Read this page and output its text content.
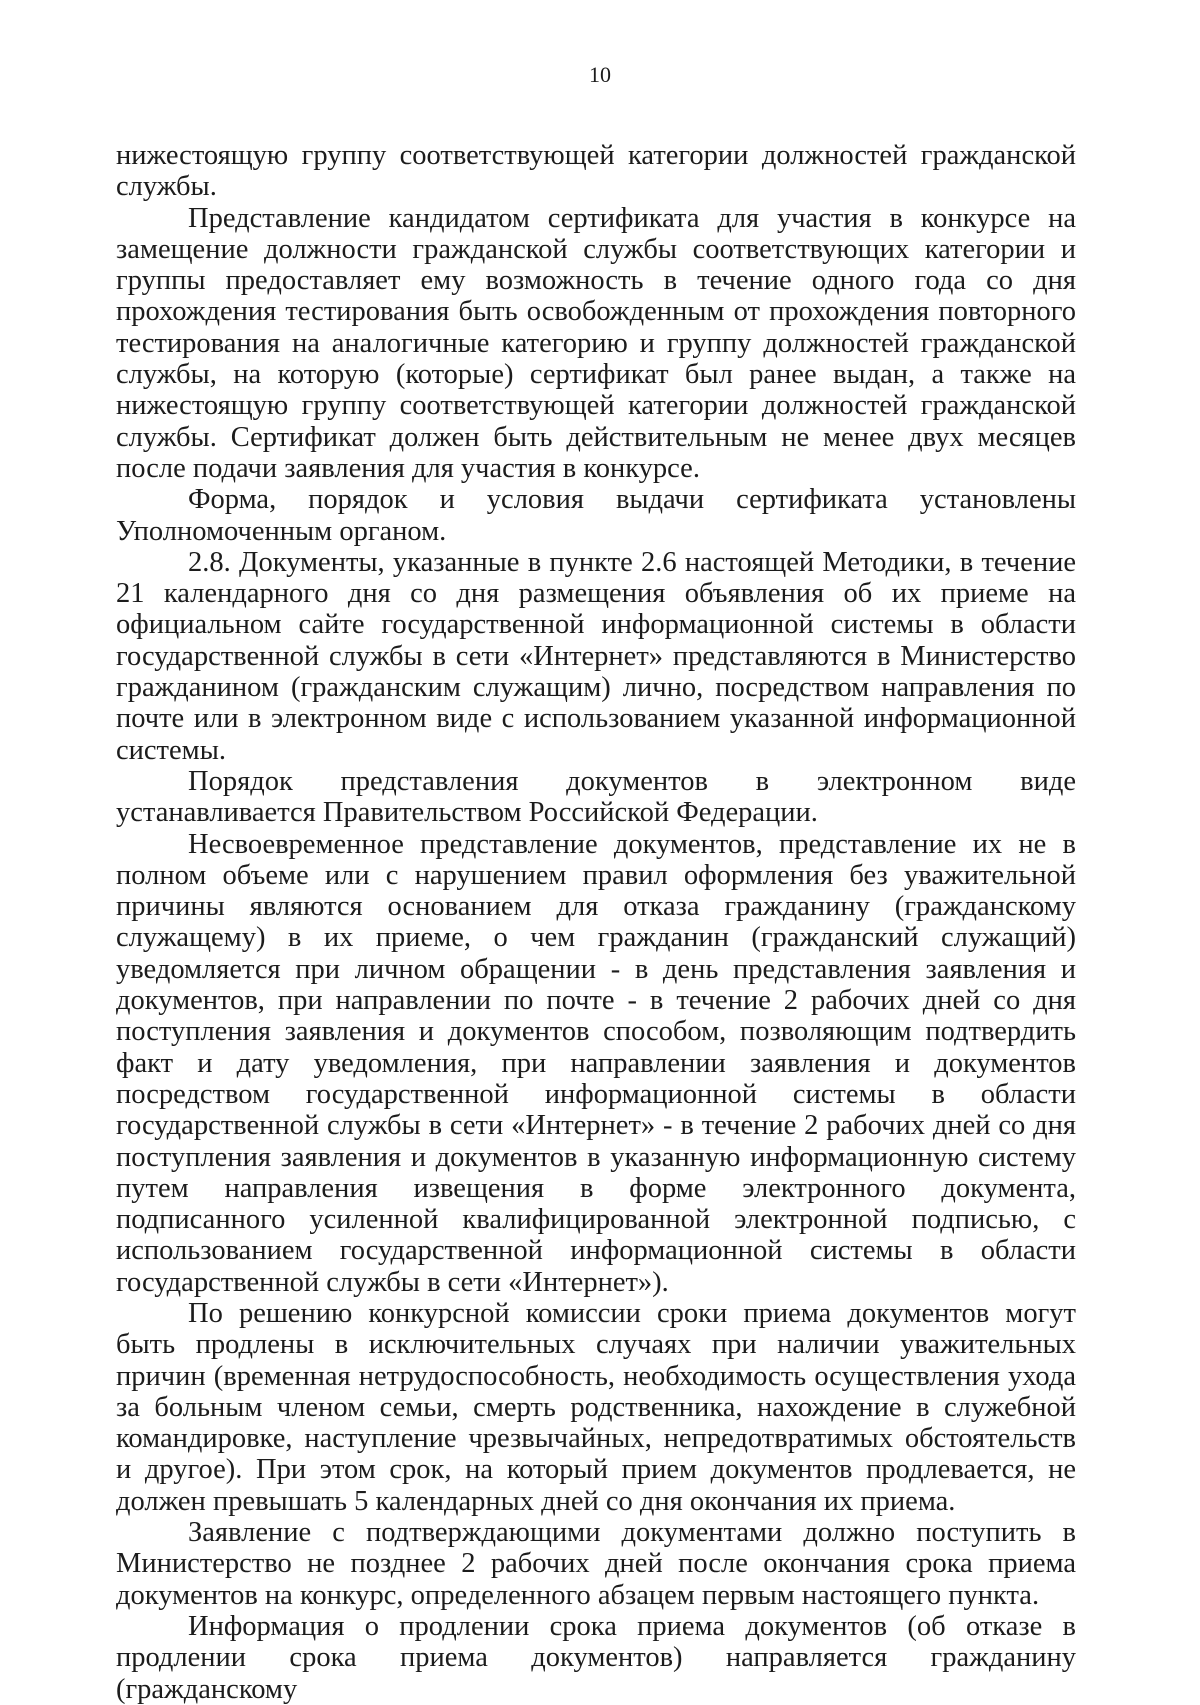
10

нижестоящую группу соответствующей категории должностей гражданской службы.

Представление кандидатом сертификата для участия в конкурсе на замещение должности гражданской службы соответствующих категории и группы предоставляет ему возможность в течение одного года со дня прохождения тестирования быть освобожденным от прохождения повторного тестирования на аналогичные категорию и группу должностей гражданской службы, на которую (которые) сертификат был ранее выдан, а также на нижестоящую группу соответствующей категории должностей гражданской службы. Сертификат должен быть действительным не менее двух месяцев после подачи заявления для участия в конкурсе.

Форма, порядок и условия выдачи сертификата установлены Уполномоченным органом.

2.8. Документы, указанные в пункте 2.6 настоящей Методики, в течение 21 календарного дня со дня размещения объявления об их приеме на официальном сайте государственной информационной системы в области государственной службы в сети «Интернет» представляются в Министерство гражданином (гражданским служащим) лично, посредством направления по почте или в электронном виде с использованием указанной информационной системы.

Порядок представления документов в электронном виде устанавливается Правительством Российской Федерации.

Несвоевременное представление документов, представление их не в полном объеме или с нарушением правил оформления без уважительной причины являются основанием для отказа гражданину (гражданскому служащему) в их приеме, о чем гражданин (гражданский служащий) уведомляется при личном обращении - в день представления заявления и документов, при направлении по почте - в течение 2 рабочих дней со дня поступления заявления и документов способом, позволяющим подтвердить факт и дату уведомления, при направлении заявления и документов посредством государственной информационной системы в области государственной службы в сети «Интернет» - в течение 2 рабочих дней со дня поступления заявления и документов в указанную информационную систему путем направления извещения в форме электронного документа, подписанного усиленной квалифицированной электронной подписью, с использованием государственной информационной системы в области государственной службы в сети «Интернет»).

По решению конкурсной комиссии сроки приема документов могут быть продлены в исключительных случаях при наличии уважительных причин (временная нетрудоспособность, необходимость осуществления ухода за больным членом семьи, смерть родственника, нахождение в служебной командировке, наступление чрезвычайных, непредотвратимых обстоятельств и другое). При этом срок, на который прием документов продлевается, не должен превышать 5 календарных дней со дня окончания их приема.

Заявление с подтверждающими документами должно поступить в Министерство не позднее 2 рабочих дней после окончания срока приема документов на конкурс, определенного абзацем первым настоящего пункта.

Информация о продлении срока приема документов (об отказе в продлении срока приема документов) направляется гражданину (гражданскому
